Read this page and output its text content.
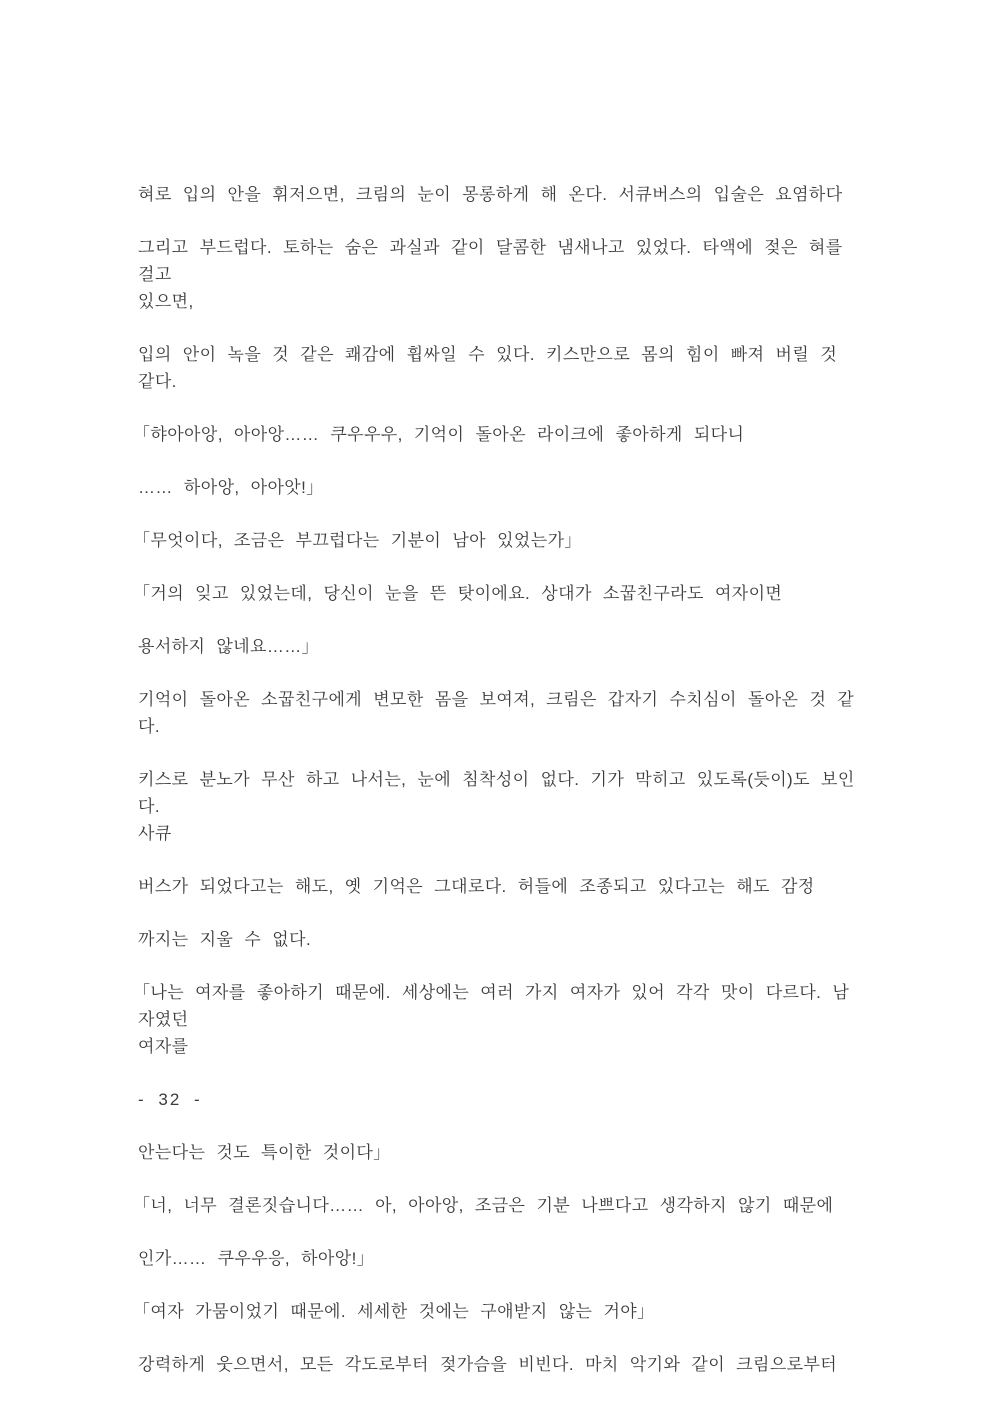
혀로 입의 안을 휘저으면, 크림의 눈이 몽롱하게 해 온다. 서큐버스의 입술은 요염하다
그리고 부드럽다. 토하는 숨은 과실과 같이 달콤한 냄새나고 있었다. 타액에 젖은 혀를 걸고
있으면,
입의 안이 녹을 것 같은 쾌감에 휩싸일 수 있다. 키스만으로 몸의 힘이 빠져 버릴 것 같다.
「햐아아앙, 아아앙…… 쿠우우우, 기억이 돌아온 라이크에 좋아하게 되다니
…… 하아앙, 아아앗!」
「무엇이다, 조금은 부끄럽다는 기분이 남아 있었는가」
「거의 잊고 있었는데, 당신이 눈을 뜬 탓이에요. 상대가 소꿉친구라도 여자이면
용서하지 않네요……」
기억이 돌아온 소꿉친구에게 변모한 몸을 보여져, 크림은 갑자기 수치심이 돌아온 것 같다.
키스로 분노가 무산 하고 나서는, 눈에 침착성이 없다. 기가 막히고 있도록(듯이)도 보인다.
사큐
버스가 되었다고는 해도, 옛 기억은 그대로다. 허들에 조종되고 있다고는 해도 감정
까지는 지울 수 없다.
「나는 여자를 좋아하기 때문에. 세상에는 여러 가지 여자가 있어 각각 맛이 다르다. 남자였던
여자를
- 32 -
안는다는 것도 특이한 것이다」
「너, 너무 결론짓습니다…… 아, 아아앙, 조금은 기분 나쁘다고 생각하지 않기 때문에
인가…… 쿠우우응, 하아앙!」
「여자 가뭄이었기 때문에. 세세한 것에는 구애받지 않는 거야」
강력하게 웃으면서, 모든 각도로부터 젖가슴을 비빈다. 마치 악기와 같이 크림으로부터
